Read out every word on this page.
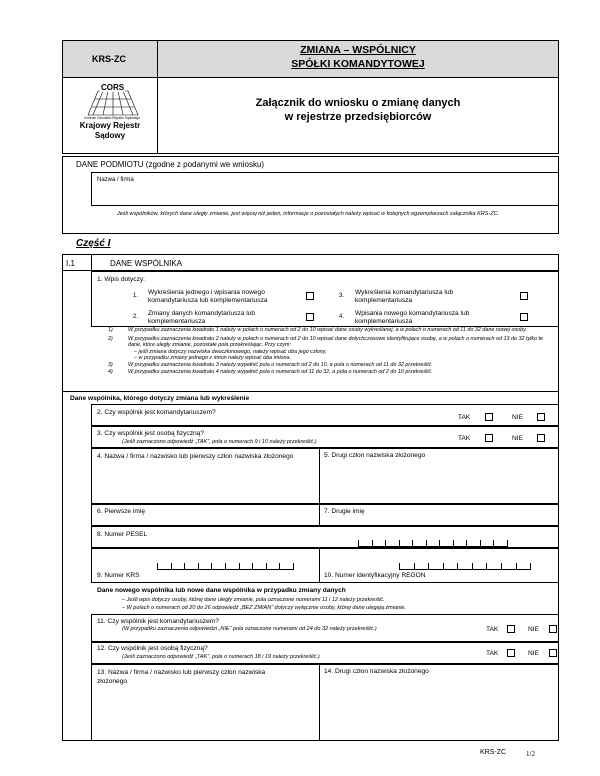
KRS-ZC
ZMIANA – WSPÓLNICY
SPÓŁKI KOMANDYTOWEJ
CORS
Centrum Ośrodków Rejestru Sądowego
Krajowy Rejestr
Sądowy
Załącznik do wniosku o zmianę danych
w rejestrze przedsiębiorców
DANE PODMIOTU (zgodne z podanymi we wniosku)
Nazwa / firma
Jeśli wspólników, których dane uległy zmianie, jest więcej niż jeden, informacje o pozostałych należy wpisać w kolejnych egzemplarzach załącznika KRS-ZC.
Część I
I.1	DANE WSPÓLNIKA
1. Wpis dotyczy:
1. Wykreślenia jednego i wpisania nowego komandytariusza lub komplementariusza
2. Zmiany danych komandytariusza lub komplementariusza
3. Wykreślenia komandytariusza lub komplementariusza
4. Wpisania nowego komandytariusza lub komplementariusza
1)	W przypadku zaznaczenia kwadratu 1 należy w polach o numerach od 2 do 10 wpisać dane osoby wykreślanej, a w polach o numerach od 11 do 32 dane nowej osoby.
2)	W przypadku zaznaczenia kwadratu 2 należy w polach o numerach od 2 do 10 wpisać dane dotychczasowe identyfikujące osobę, a w polach o numerach od 13 do 32 tylko te dane, które uległy zmianie, pozostałe pola przekreślając. Przy czym:
– jeśli zmiana dotyczy nazwiska dwuczłonowego, należy wpisać oba jego człony,
– w przypadku zmiany jednego z imion należy wpisać oba imiona.
3)	W przypadku zaznaczenia kwadratu 3 należy wypełnić pola o numerach od 2 do 10, a pola o numerach od 11 do 32 przekreślić.
4)	W przypadku zaznaczenia kwadratu 4 należy wypełnić pola o numerach od 11 do 32, a pola o numerach od 2 do 10 przekreślić.
Dane wspólnika, którego dotyczy zmiana lub wykreślenie
2. Czy wspólnik jest komandytariuszem?
TAK	NIE
3. Czy wspólnik jest osobą fizyczną?
(Jeśli zaznaczono odpowiedź „TAK”, pola o numerach 9 i 10 należy przekreślić.)	TAK	NIE
4. Nazwa / firma / nazwisko lub pierwszy człon nazwiska złożonego	5. Drugi człon nazwiska złożonego
6. Pierwsze imię	7. Drugie imię
8. Numer PESEL
9. Numer KRS	10. Numer identyfikacyjny REGON
Dane nowego wspólnika lub nowe dane wspólnika w przypadku zmiany danych
– Jeśli wpis dotyczy osoby, której dane uległy zmianie, pola oznaczone numerami 11 i 12 należy przekreślić.
– W polach o numerach od 20 do 26 odpowiedź „BEZ ZMIAN” dotyczy wyłącznie osoby, której dane ulegają zmianie.
11. Czy wspólnik jest komandytariuszem?
(W przypadku zaznaczenia odpowiedzi „NIE” pola oznaczone numerami od 24 do 32 należy przekreślić.)	TAK	NIE
12. Czy wspólnik jest osobą fizyczną?
(Jeśli zaznaczono odpowiedź „TAK”, pola o numerach 18 i 19 należy przekreślić.)	TAK	NIE
13. Nazwa / firma / nazwisko lub pierwszy człon nazwiska złożonego
14. Drugi człon nazwiska złożonego
KRS-ZC	1/2
